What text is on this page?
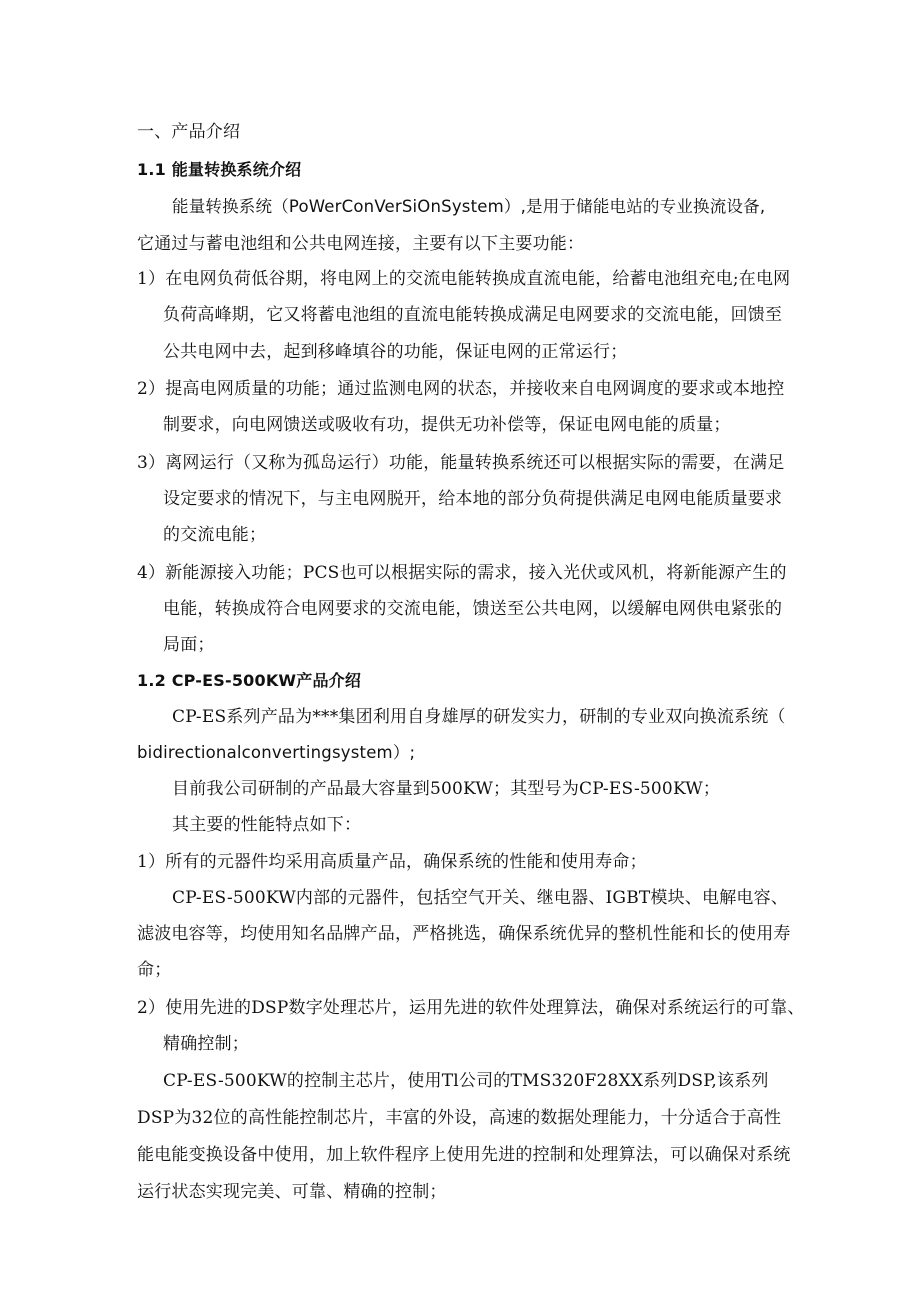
一、产品介绍
1.1 能量转换系统介绍
能量转换系统（PoWerConVerSiOnSystem）,是用于储能电站的专业换流设备,
它通过与蓄电池组和公共电网连接，主要有以下主要功能：
1）在电网负荷低谷期，将电网上的交流电能转换成直流电能，给蓄电池组充电;在电网
负荷高峰期，它又将蓄电池组的直流电能转换成满足电网要求的交流电能，回馈至
公共电网中去，起到移峰填谷的功能，保证电网的正常运行；
2）提高电网质量的功能；通过监测电网的状态，并接收来自电网调度的要求或本地控
制要求，向电网馈送或吸收有功，提供无功补偿等，保证电网电能的质量；
3）离网运行（又称为孤岛运行）功能，能量转换系统还可以根据实际的需要，在满足
设定要求的情况下，与主电网脱开，给本地的部分负荷提供满足电网电能质量要求
的交流电能；
4）新能源接入功能；PCS也可以根据实际的需求，接入光伏或风机，将新能源产生的
电能，转换成符合电网要求的交流电能，馈送至公共电网，以缓解电网供电紧张的
局面；
1.2 CP-ES-500KW产品介绍
CP-ES系列产品为***集团利用自身雄厚的研发实力，研制的专业双向换流系统（
bidirectionalconvertingsystem）;
目前我公司研制的产品最大容量到500KW；其型号为CP-ES-500KW；
其主要的性能特点如下：
1）所有的元器件均采用高质量产品，确保系统的性能和使用寿命；
CP-ES-500KW内部的元器件，包括空气开关、继电器、IGBT模块、电解电容、
滤波电容等，均使用知名品牌产品，严格挑选，确保系统优异的整机性能和长的使用寿
命；
2）使用先进的DSP数字处理芯片，运用先进的软件处理算法，确保对系统运行的可靠、
精确控制；
CP-ES-500KW的控制主芯片，使用Tl公司的TMS320F28XX系列DSP,该系列
DSP为32位的高性能控制芯片，丰富的外设，高速的数据处理能力，十分适合于高性
能电能变换设备中使用，加上软件程序上使用先进的控制和处理算法，可以确保对系统
运行状态实现完美、可靠、精确的控制；
